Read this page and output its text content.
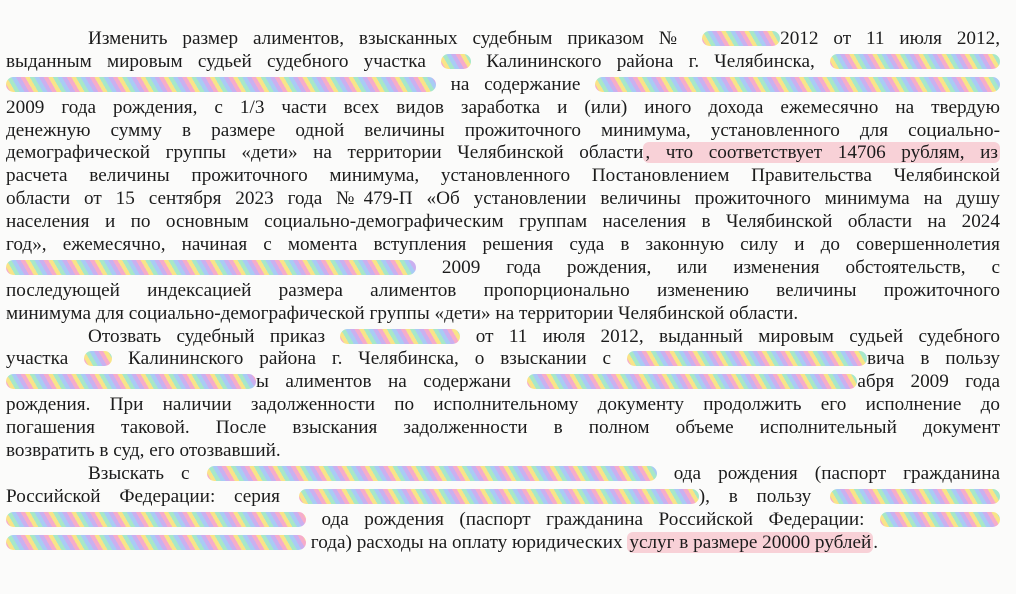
Изменить размер алиментов, взысканных судебным приказом №	2012 от 11 июля 2012,
выданным мировым судьей судебного участка	Калининского района г. Челябинска,
на содержание
2009 года рождения, с 1/3 части всех видов заработка и (или) иного дохода ежемесячно на твердую
денежную сумму в размере одной величины прожиточного минимума, установленного для социально-
демографической группы «дети» на территории Челябинской области , что соответствует 14706 рублям, из
расчета величины прожиточного минимума, установленного Постановлением Правительства Челябинской
области от 15 сентября 2023 года №479-П «Об установлении величины прожиточного минимума на душу
населения и по основным социально-демографическим группам населения в Челябинской области на 2024
год», ежемесячно, начиная с момента вступления решения суда в законную силу и до совершеннолетия
2009 года рождения, или изменения обстоятельств, с
последующей индексацией размера алиментов пропорционально изменению величины прожиточного
минимума для социально-демографической группы «дети» на территории Челябинской области.
Отозвать судебный приказ	от 11 июля 2012, выданный мировым судьей судебного
участка	Калининского района г. Челябинска, о взыскании с	вича в пользу
ы алиментов на содержани	абря 2009 года
рождения. При наличии задолженности по исполнительному документу продолжить его исполнение до
погашения таковой. После взыскания задолженности в полном объеме исполнительный документ
возвратить в суд, его отозвавший.
Взыскать с	ода рождения (паспорт гражданина
Российской Федерации: серия	), в пользу
ода рождения (паспорт гражданина Российской Федерации:
года) расходы на оплату юридических услуг в размере 20000 рублей .
